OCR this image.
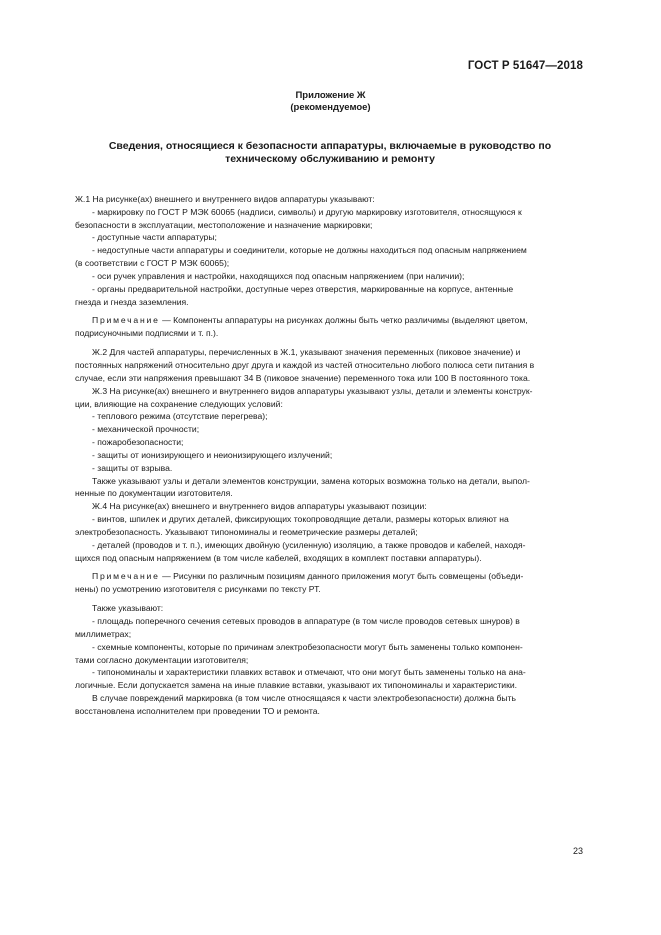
ГОСТ Р 51647—2018
Приложение Ж
(рекомендуемое)
Сведения, относящиеся к безопасности аппаратуры, включаемые в руководство по
техническому обслуживанию и ремонту

Ж.1 На рисунке(ах) внешнего и внутреннего видов аппаратуры указывают:

- маркировку по ГОСТ Р МЭК 60065 (надписи, символы) и другую маркировку изготовителя, относящуюся к
безопасности в эксплуатации, местоположение и назначение маркировки;
- доступные части аппаратуры;
- недоступные части аппаратуры и соединители, которые не должны находиться под опасным напряжением
(в соответствии с ГОСТ Р МЭК 60065);
- оси ручек управления и настройки, находящихся под опасным напряжением (при наличии);
- органы предварительной настройки, доступные через отверстия, маркированные на корпусе, антенные
гнезда и гнезда заземления.
Примечание — Компоненты аппаратуры на рисунках должны быть четко различимы (выделяют цветом,
подрисуночными подписями и т. п.).
Ж.2 Для частей аппаратуры, перечисленных в Ж.1, указывают значения переменных (пиковое значение) и
постоянных напряжений относительно друг друга и каждой из частей относительно любого полюса сети питания в
случае, если эти напряжения превышают 34 В (пиковое значение) переменного тока или 100 В постоянного тока.
Ж.3 На рисунке(ах) внешнего и внутреннего видов аппаратуры указывают узлы, детали и элементы конструк-
ции, влияющие на сохранение следующих условий:
- теплового режима (отсутствие перегрева);
- механической прочности;
- пожаробезопасности;
- защиты от ионизирующего и неионизирующего излучений;
- защиты от взрыва.
Также указывают узлы и детали элементов конструкции, замена которых возможна только на детали, выпол-
ненные по документации изготовителя.
Ж.4 На рисунке(ах) внешнего и внутреннего видов аппаратуры указывают позиции:
- винтов, шпилек и других деталей, фиксирующих токопроводящие детали, размеры которых влияют на
электробезопасность. Указывают типономиналы и геометрические размеры деталей;
- деталей (проводов и т. п.), имеющих двойную (усиленную) изоляцию, а также проводов и кабелей, находя-
щихся под опасным напряжением (в том числе кабелей, входящих в комплект поставки аппаратуры).
Примечание — Рисунки по различным позициям данного приложения могут быть совмещены (объеди-
нены) по усмотрению изготовителя с рисунками по тексту РТ.
Также указывают:
- площадь поперечного сечения сетевых проводов в аппаратуре (в том числе проводов сетевых шнуров) в
миллиметрах;
- схемные компоненты, которые по причинам электробезопасности могут быть заменены только компонен-
тами согласно документации изготовителя;
- типономиналы и характеристики плавких вставок и отмечают, что они могут быть заменены только на ана-
логичные. Если допускается замена на иные плавкие вставки, указывают их типономиналы и характеристики.
В случае повреждений маркировка (в том числе относящаяся к части электробезопасности) должна быть
восстановлена исполнителем при проведении ТО и ремонта.
23
